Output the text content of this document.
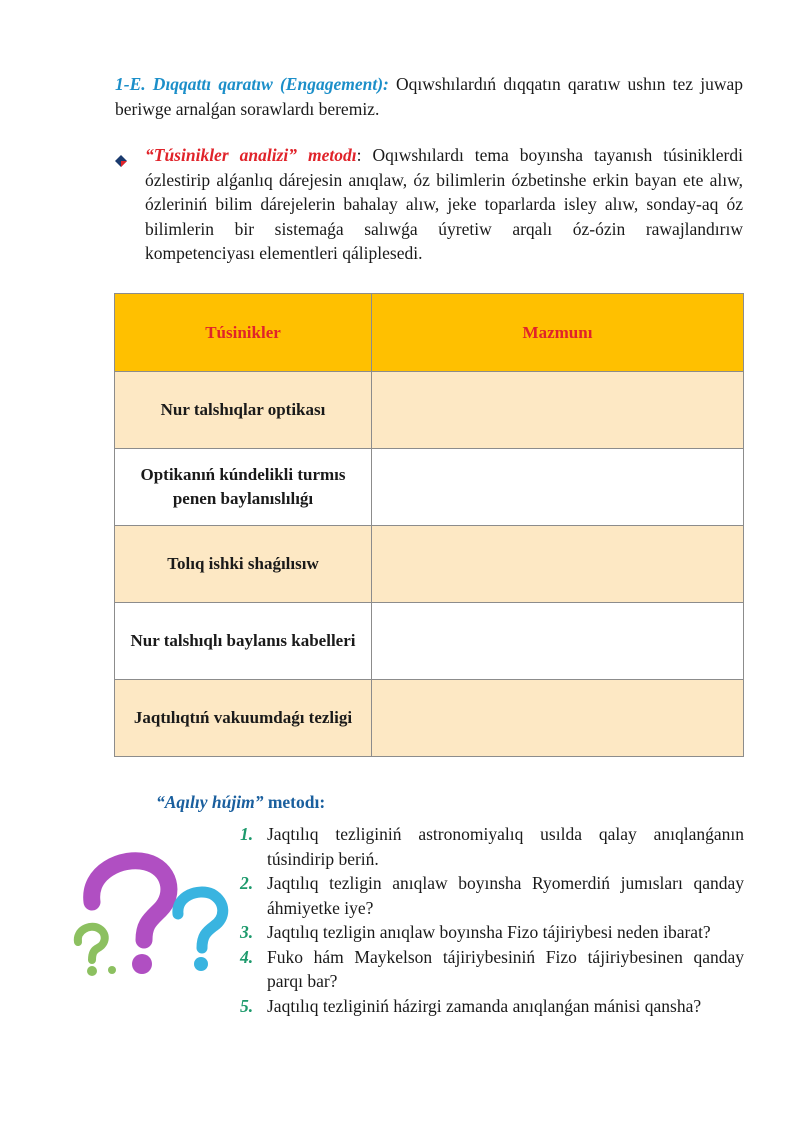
1-E. Dıqqattı qaratıw (Engagement): Oqıwshılardıń dıqqatın qaratıw ushın tez juwap beriwge arnalǵan sorawlardı beremiz.
“Túsinikler analizi” metodı: Oqıwshılardı tema boyınsha tayanısh túsiniklerdi ózlestirip alǵanlıq dárejesin anıqlaw, óz bilimlerin ózbetinshe erkin bayan ete alıw, ózleriniń bilim dárejelerin bahalay alıw, jeke toparlarda isley alıw, sonday-aq óz bilimlerin bir sistemaǵa salıwǵa úyretiw arqalı óz-ózin rawajlandırıw kompetenciyası elementleri qáliplesedi.
Túsinikler	Mazmunı
Nur talshıqlar optikası	
Optikanıń kúndelikli turmıs penen baylanıslılıǵı	
Tolıq ishki shaǵılısıw	
Nur talshıqlı baylanıs kabelleri	
Jaqtılıqtıń vakuumdaǵı tezligi	
“Aqılıy hújim” metodı:
1. Jaqtılıq tezliginiń astronomiyalıq usılda qalay anıqlanǵanın túsindirip beriń.
2. Jaqtılıq tezligin anıqlaw boyınsha Ryomerdiń jumısları qanday áhmiyetke iye?
3. Jaqtılıq tezligin anıqlaw boyınsha Fizo tájiriybesi neden ibarat?
4. Fuko hám Maykelson tájiriybesiniń Fizo tájiriybesinen qanday parqı bar?
5. Jaqtılıq tezliginiń házirgi zamanda anıqlanǵan mánisi qansha?
